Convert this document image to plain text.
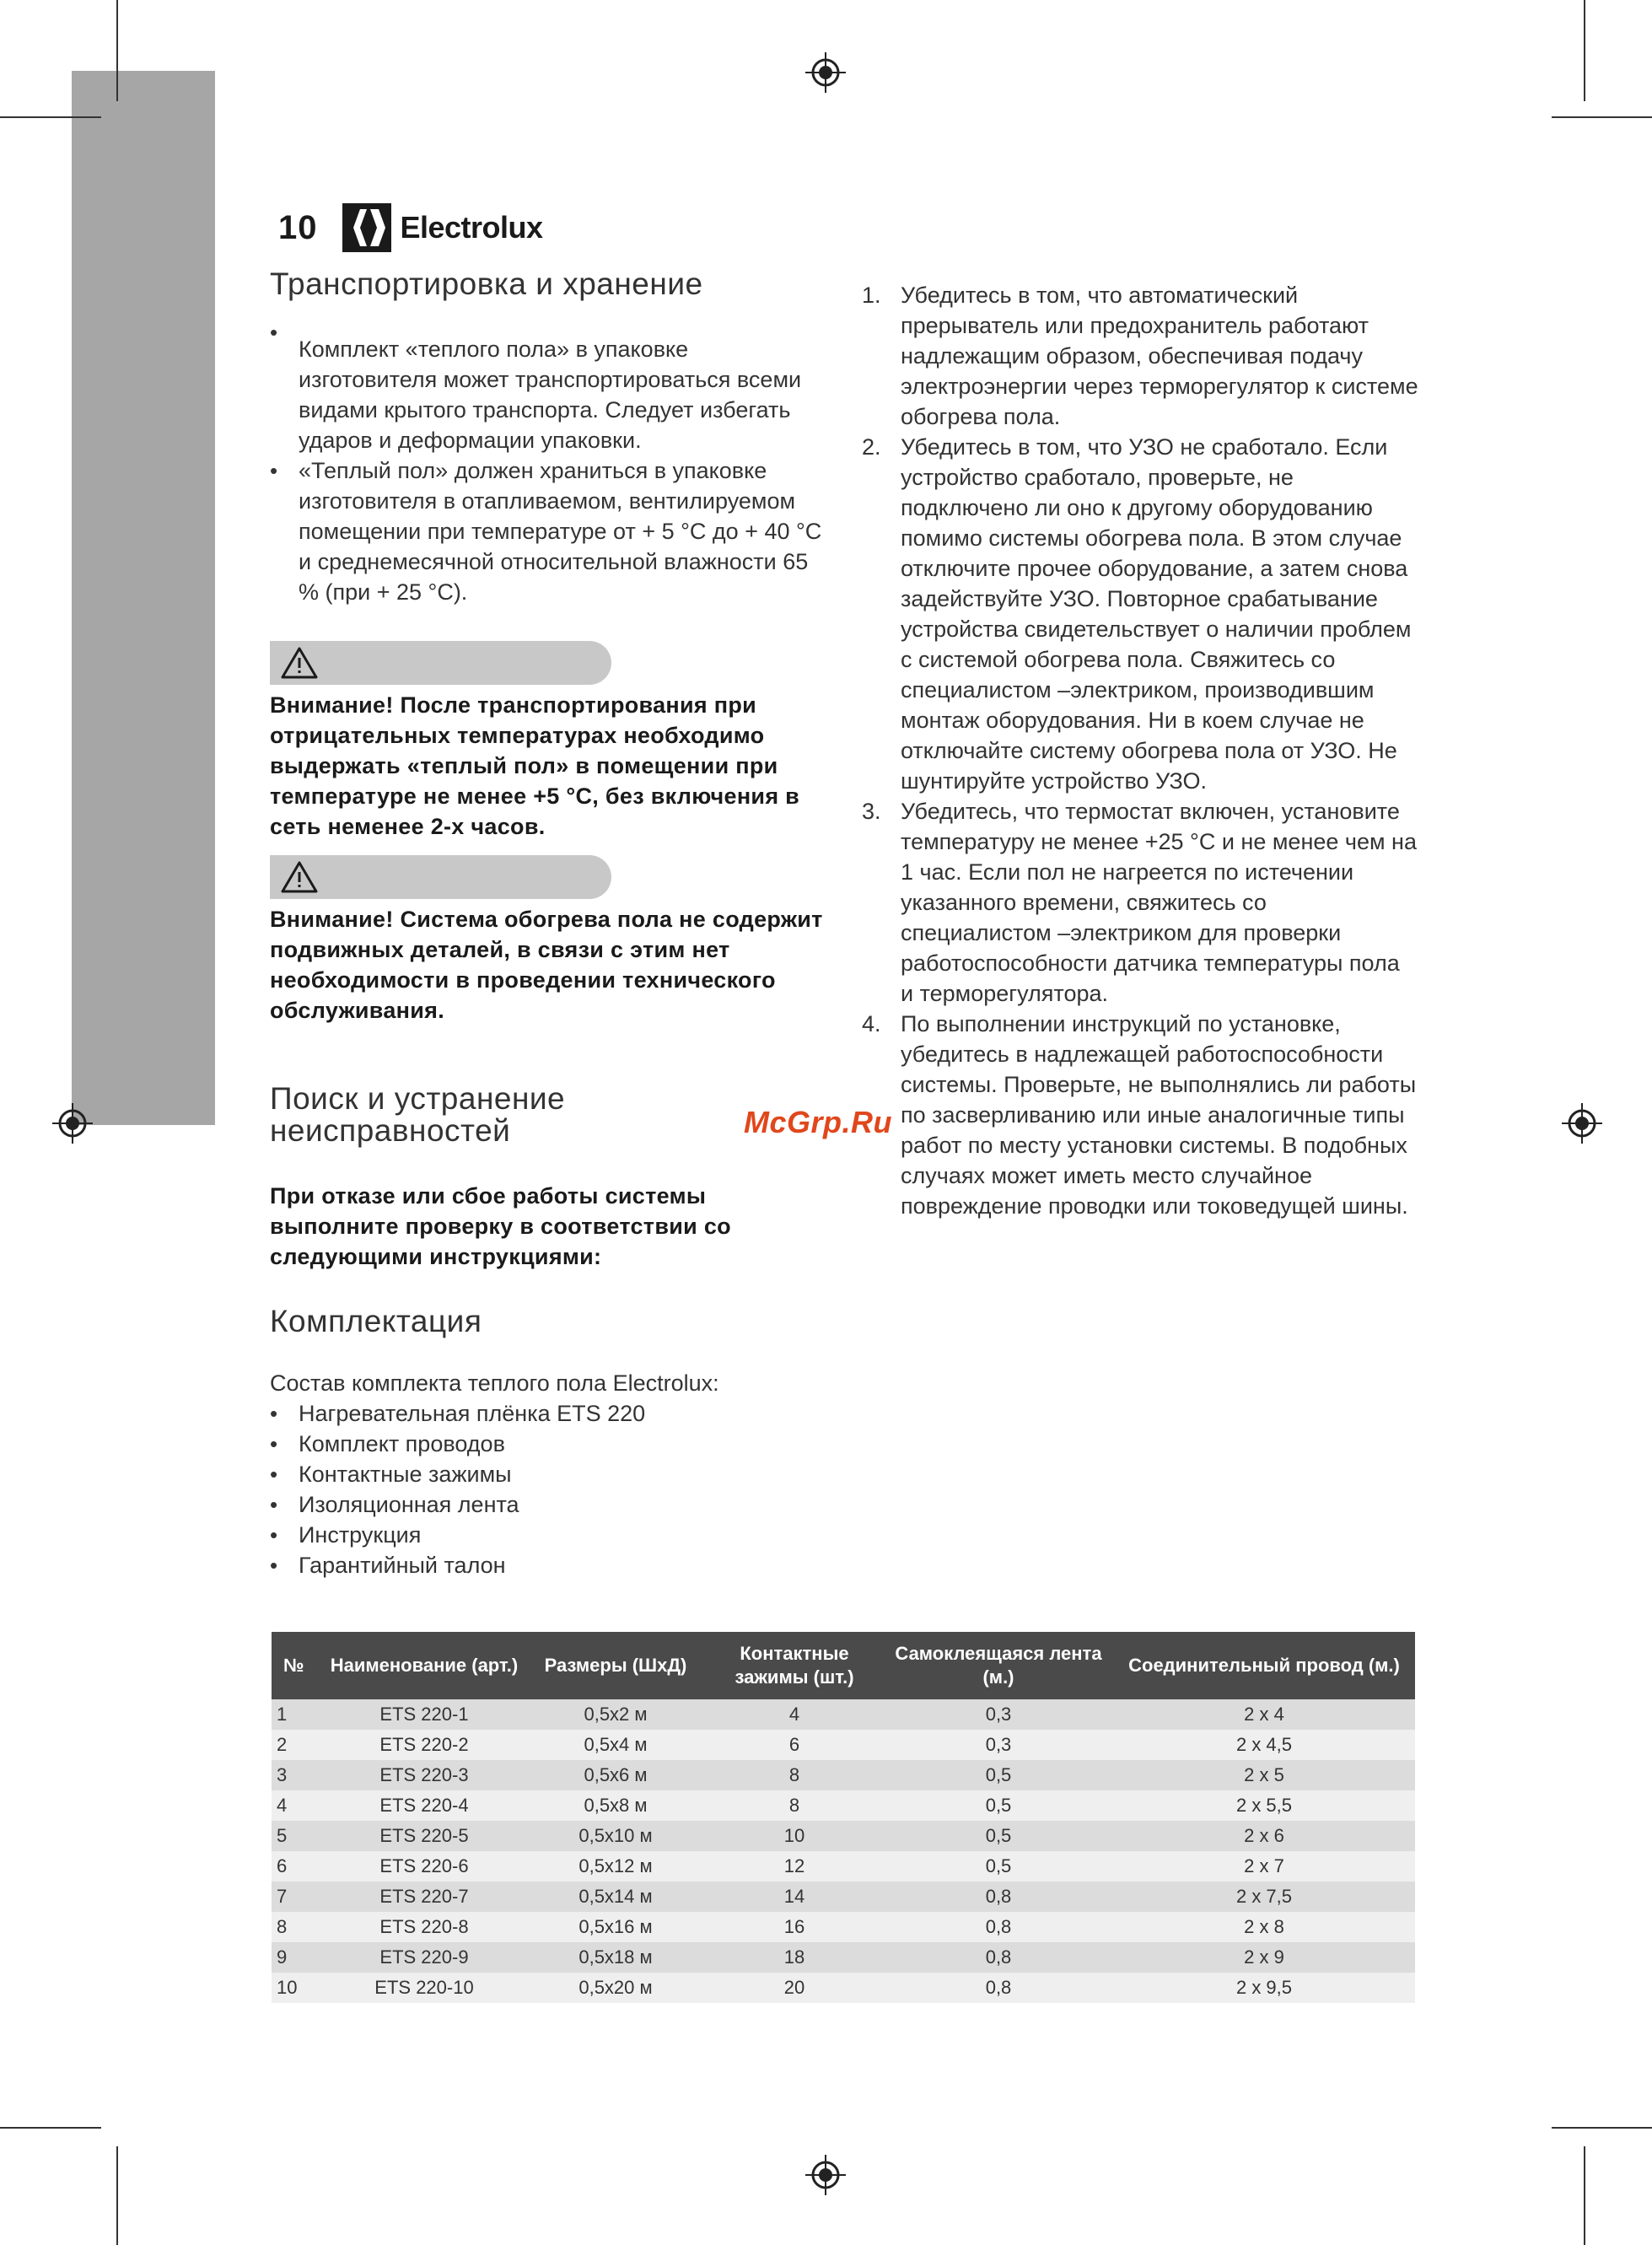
10	Electrolux
Транспортировка и хранение
• Комплект «теплого пола» в упаковке изготовителя может транспортироваться всеми видами крытого транспорта. Следует избегать ударов и деформации упаковки.
• «Теплый пол» должен храниться в упаковке изготовителя в отапливаемом, вентилируемом помещении при температуре от + 5 °С до + 40 °С и среднемесячной относительной влажности 65 % (при + 25 °С).
Внимание! После транспортирования при отрицательных температурах необходимо выдержать «теплый пол» в помещении при температуре не менее +5 °С, без включения в сеть неменее 2-х часов.
Внимание! Система обогрева пола не содержит подвижных деталей, в связи с этим нет необходимости в проведении технического обслуживания.
Поиск и устранение неисправностей
При отказе или сбое работы системы выполните проверку в соответствии со следующими инструкциями:
Комплектация
Состав комплекта теплого пола Electrolux:
• Нагревательная плёнка ETS 220
• Комплект проводов
• Контактные зажимы
• Изоляционная лента
• Инструкция
• Гарантийный талон
1. Убедитесь в том, что автоматический прерыватель или предохранитель работают надлежащим образом, обеспечивая подачу электроэнергии через терморегулятор к системе обогрева пола.
2. Убедитесь в том, что УЗО не сработало. Если устройство сработало, проверьте, не подключено ли оно к другому оборудованию помимо системы обогрева пола. В этом случае отключите прочее оборудование, а затем снова задействуйте УЗО. Повторное срабатывание устройства свидетельствует о наличии проблем с системой обогрева пола. Свяжитесь со специалистом –электриком, производившим монтаж оборудования. Ни в коем случае не отключайте систему обогрева пола от УЗО. Не шунтируйте устройство УЗО.
3. Убедитесь, что термостат включен, установите температуру не менее +25 °С и не менее чем на 1 час. Если пол не нагреется по истечении указанного времени, свяжитесь со специалистом –электриком для проверки работоспособности датчика температуры пола и терморегулятора.
4. По выполнении инструкций по установке, убедитесь в надлежащей работоспособности системы. Проверьте, не выполнялись ли работы по засверливанию или иные аналогичные типы работ по месту установки системы. В подобных случаях может иметь место случайное повреждение проводки или токоведущей шины.
McGrp.Ru
№	Наименование (арт.)	Размеры (ШхД)	Контактные зажимы (шт.)	Самоклеящаяся лента (м.)	Соединительный провод (м.)
1	ETS 220-1	0,5х2 м	4	0,3	2 х 4
2	ETS 220-2	0,5х4 м	6	0,3	2 х 4,5
3	ETS 220-3	0,5х6 м	8	0,5	2 х 5
4	ETS 220-4	0,5х8 м	8	0,5	2 х 5,5
5	ETS 220-5	0,5х10 м	10	0,5	2 х 6
6	ETS 220-6	0,5х12 м	12	0,5	2 х 7
7	ETS 220-7	0,5х14 м	14	0,8	2 х 7,5
8	ETS 220-8	0,5х16 м	16	0,8	2 х 8
9	ETS 220-9	0,5х18 м	18	0,8	2 х 9
10	ETS 220-10	0,5х20 м	20	0,8	2 х 9,5
